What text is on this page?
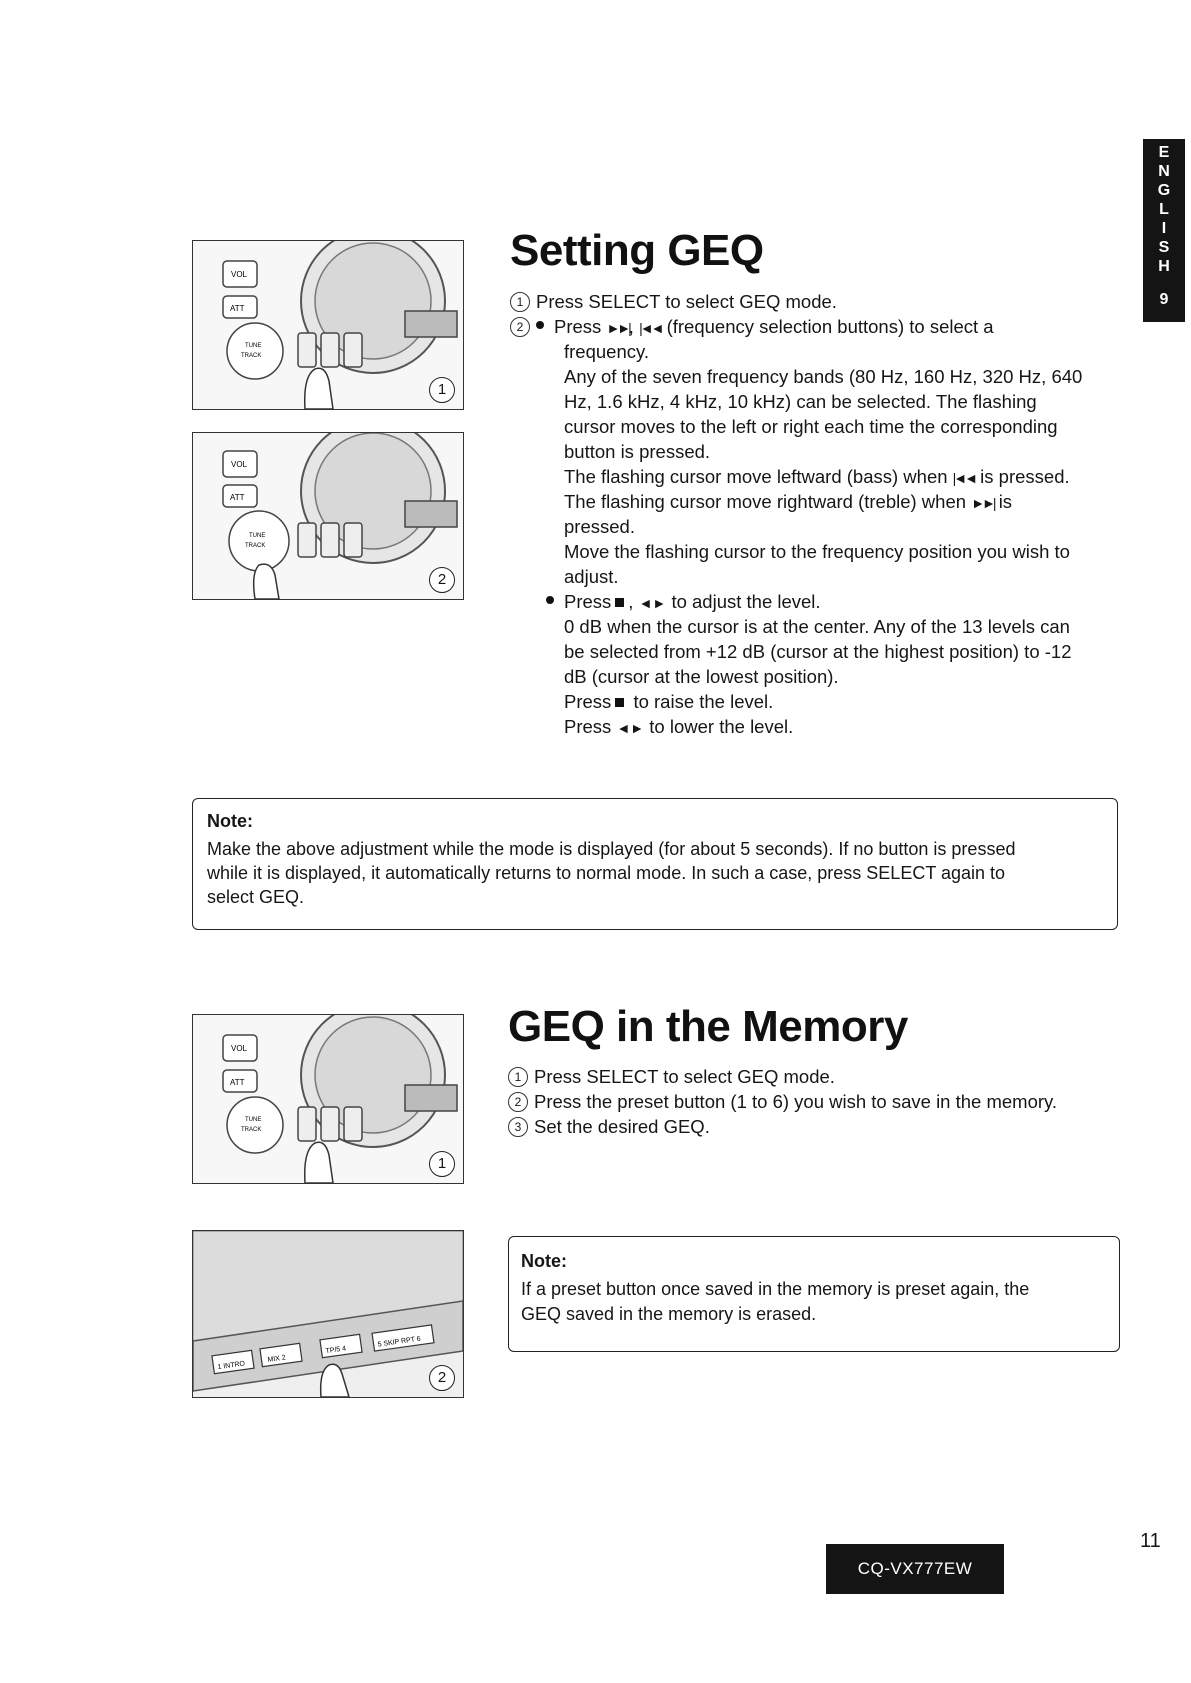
E
N
G
L
I
S
H
9
VOL
ATT
TUNE
TRACK
1
VOL
ATT
TUNE
TRACK
2
Setting GEQ
1 Press SELECT to select GEQ mode.
2 Press ►►|, |◄◄ (frequency selection buttons) to select a
frequency.
Any of the seven frequency bands (80 Hz, 160 Hz, 320 Hz, 640
Hz, 1.6 kHz, 4 kHz, 10 kHz) can be selected. The flashing
cursor moves to the left or right each time the corresponding
button is pressed.
The flashing cursor move leftward (bass) when |◄◄ is pressed.
The flashing cursor move rightward (treble) when ►►| is
pressed.
Move the flashing cursor to the frequency position you wish to
adjust.
Press , ◄► to adjust the level.
0 dB when the cursor is at the center. Any of the 13 levels can
be selected from +12 dB (cursor at the highest position) to -12
dB (cursor at the lowest position).
Press to raise the level.
Press ◄► to lower the level.
Note:
Make the above adjustment while the mode is displayed (for about 5 seconds). If no button is pressed
while it is displayed, it automatically returns to normal mode. In such a case, press SELECT again to
select GEQ.
VOL
ATT
TUNE
TRACK
1
1 INTRO
MIX 2
TP/5 4
5 SKIP RPT 6
2
GEQ in the Memory
1 Press SELECT to select GEQ mode.
2 Press the preset button (1 to 6) you wish to save in the memory.
3 Set the desired GEQ.
Note:
If a preset button once saved in the memory is preset again, the
GEQ saved in the memory is erased.
11
CQ-VX777EW
